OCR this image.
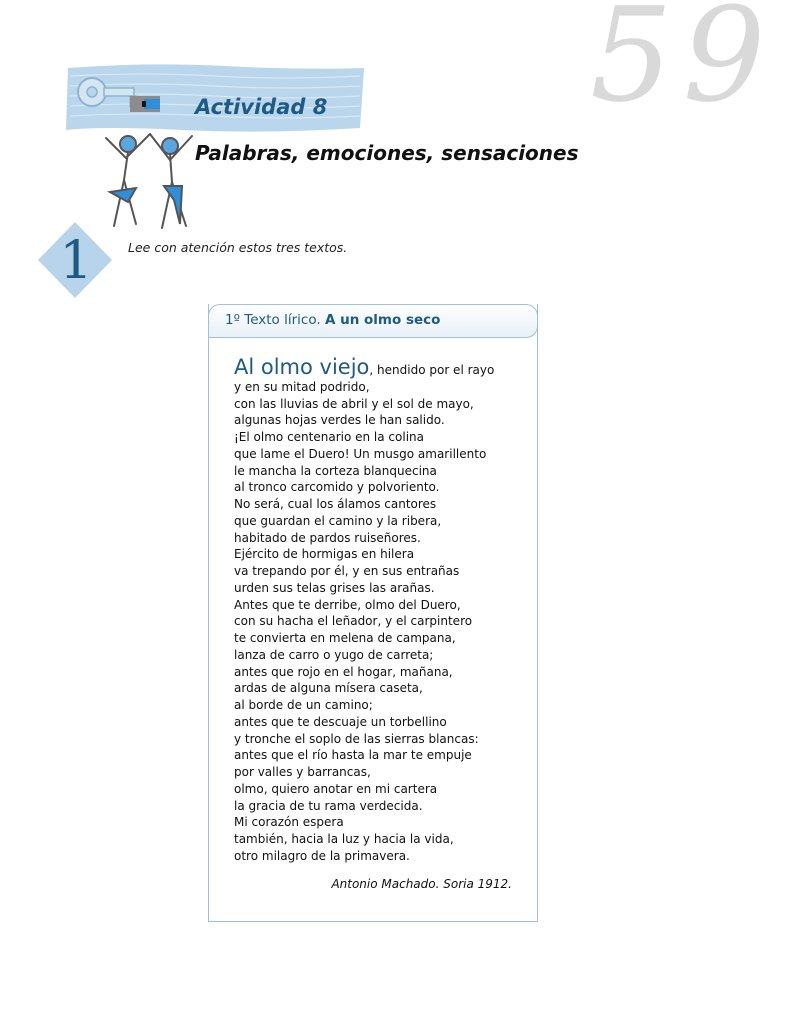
59
Actividad 8
Palabras, emociones, sensaciones
1	Lee con atención estos tres textos.
1º Texto lírico. A un olmo seco
Al olmo viejo, hendido por el rayo
y en su mitad podrido,
con las lluvias de abril y el sol de mayo,
algunas hojas verdes le han salido.
¡El olmo centenario en la colina
que lame el Duero! Un musgo amarillento
le mancha la corteza blanquecina
al tronco carcomido y polvoriento.
No será, cual los álamos cantores
que guardan el camino y la ribera,
habitado de pardos ruiseñores.
Ejército de hormigas en hilera
va trepando por él, y en sus entrañas
urden sus telas grises las arañas.
Antes que te derribe, olmo del Duero,
con su hacha el leñador, y el carpintero
te convierta en melena de campana,
lanza de carro o yugo de carreta;
antes que rojo en el hogar, mañana,
ardas de alguna mísera caseta,
al borde de un camino;
antes que te descuaje un torbellino
y tronche el soplo de las sierras blancas:
antes que el río hasta la mar te empuje
por valles y barrancas,
olmo, quiero anotar en mi cartera
la gracia de tu rama verdecida.
Mi corazón espera
también, hacia la luz y hacia la vida,
otro milagro de la primavera.
Antonio Machado. Soria 1912.
